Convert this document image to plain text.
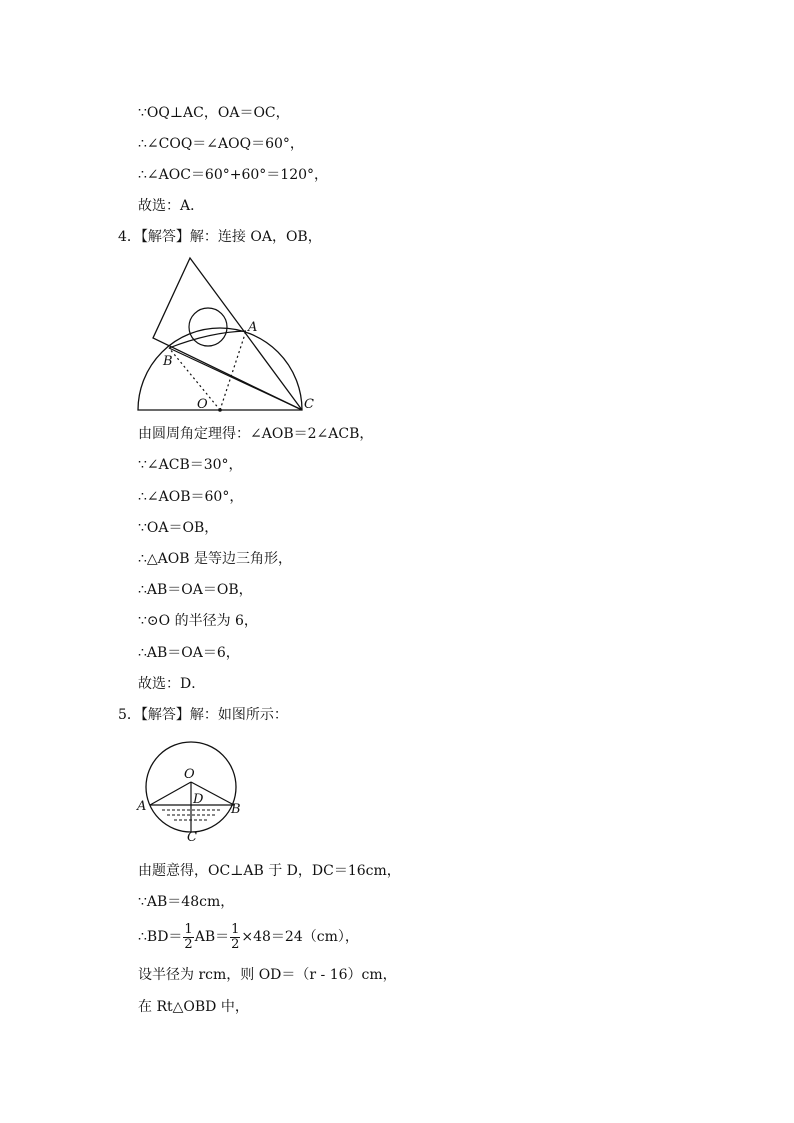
∵OQ⊥AC，OA＝OC，
∴∠COQ＝∠AOQ＝60°，
∴∠AOC＝60°+60°＝120°，
故选：A．
4．【解答】解：连接 OA，OB，
A
B
O	C
由圆周角定理得：∠AOB＝2∠ACB，
∵∠ACB＝30°，
∴∠AOB＝60°，
∵OA＝OB，
∴△AOB 是等边三角形，
∴AB＝OA＝OB，
∵⊙O 的半径为 6，
∴AB＝OA＝6，
故选：D．
5．【解答】解：如图所示：
O
D
A	B
C
由题意得，OC⊥AB 于 D，DC＝16cm，
∵AB＝48cm，
∴BD＝ $\frac{1}{2} AB= \frac{1}{2} \times 48=24(cm)$，
设半径为 rcm，则 OD＝（r - 16）cm，
在 Rt△OBD 中，
